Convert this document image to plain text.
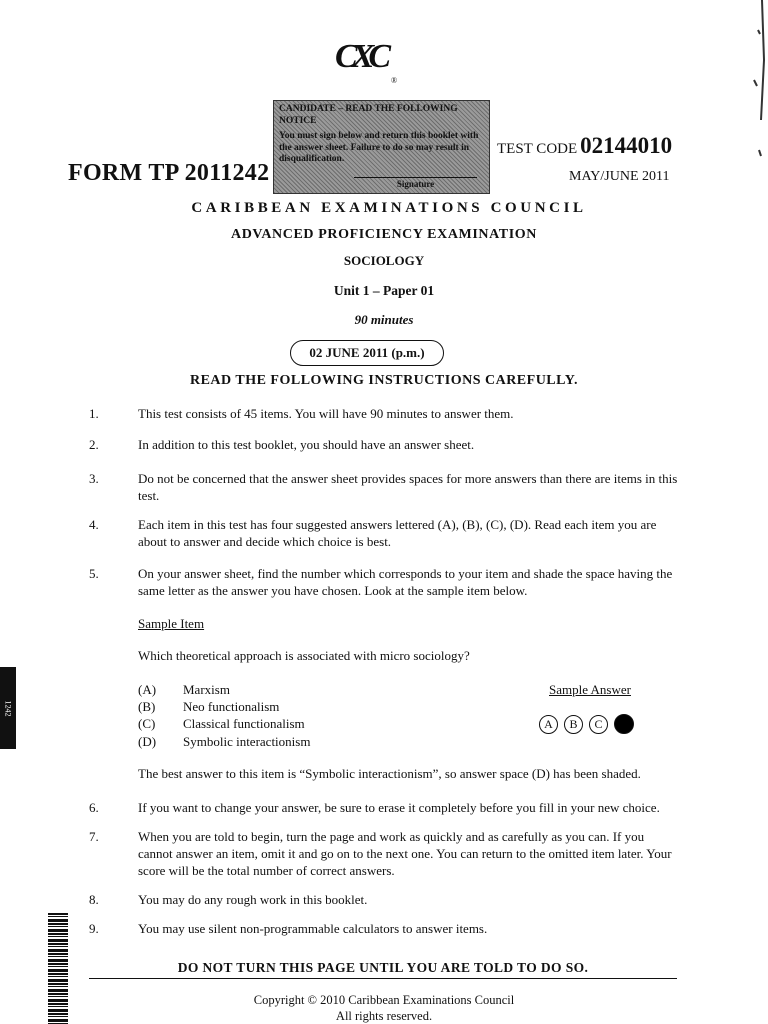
CXC
®
CANDIDATE – READ THE FOLLOWING NOTICE
You must sign below and return this booklet with the answer sheet. Failure to do so may result in disqualification.
Signature
FORM TP 2011242
TEST CODE 02144010
MAY/JUNE 2011
CARIBBEAN EXAMINATIONS COUNCIL
ADVANCED PROFICIENCY EXAMINATION
SOCIOLOGY
Unit 1 – Paper 01
90 minutes
02 JUNE 2011 (p.m.)
READ THE FOLLOWING INSTRUCTIONS CAREFULLY.
1.	This test consists of 45 items. You will have 90 minutes to answer them.
2.	In addition to this test booklet, you should have an answer sheet.
3.	Do not be concerned that the answer sheet provides spaces for more answers than there are items in this test.
4.	Each item in this test has four suggested answers lettered (A), (B), (C), (D). Read each item you are about to answer and decide which choice is best.
5.	On your answer sheet, find the number which corresponds to your item and shade the space having the same letter as the answer you have chosen. Look at the sample item below.
Sample Item
Which theoretical approach is associated with micro sociology?
(A) Marxism
(B) Neo functionalism
(C) Classical functionalism
(D) Symbolic interactionism
Sample Answer
A	B	C
The best answer to this item is “Symbolic interactionism”, so answer space (D) has been shaded.
6.	If you want to change your answer, be sure to erase it completely before you fill in your new choice.
7.	When you are told to begin, turn the page and work as quickly and as carefully as you can. If you cannot answer an item, omit it and go on to the next one. You can return to the omitted item later. Your score will be the total number of correct answers.
8.	You may do any rough work in this booklet.
9.	You may use silent non-programmable calculators to answer items.
DO NOT TURN THIS PAGE UNTIL YOU ARE TOLD TO DO SO.
Copyright © 2010 Caribbean Examinations Council
All rights reserved.
1242
